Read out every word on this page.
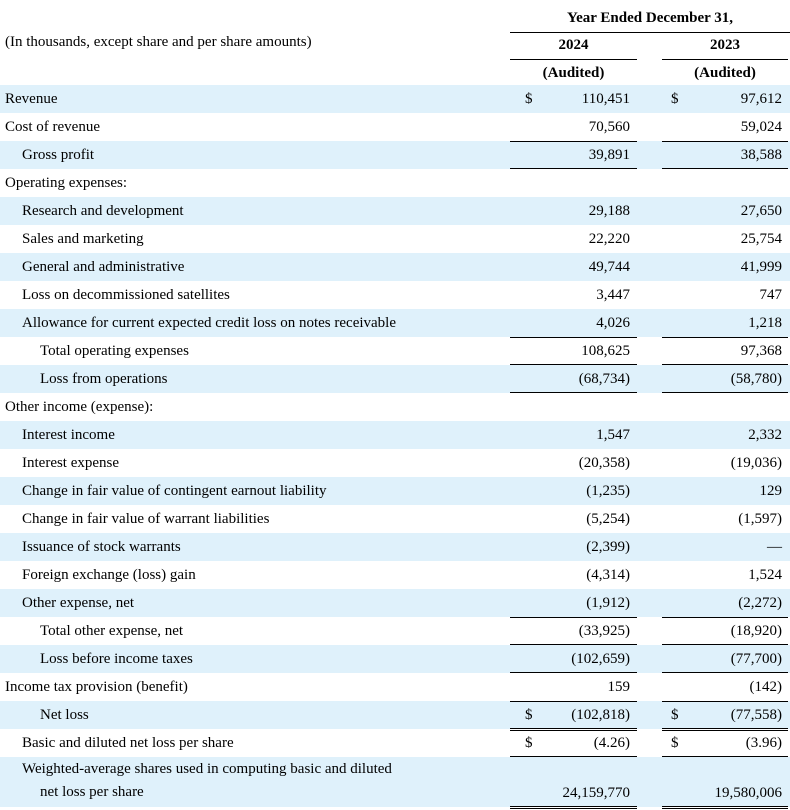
Year Ended December 31,
(In thousands, except share and per share amounts)	2024	2023
(Audited)	(Audited)
Revenue	$	110,451	$	97,612
Cost of revenue	70,560	59,024
Gross profit	39,891	38,588
Operating expenses:
Research and development	29,188	27,650
Sales and marketing	22,220	25,754
General and administrative	49,744	41,999
Loss on decommissioned satellites	3,447	747
Allowance for current expected credit loss on notes receivable	4,026	1,218
Total operating expenses	108,625	97,368
Loss from operations	(68,734)	(58,780)
Other income (expense):
Interest income	1,547	2,332
Interest expense	(20,358)	(19,036)
Change in fair value of contingent earnout liability	(1,235)	129
Change in fair value of warrant liabilities	(5,254)	(1,597)
Issuance of stock warrants	(2,399)	—
Foreign exchange (loss) gain	(4,314)	1,524
Other expense, net	(1,912)	(2,272)
Total other expense, net	(33,925)	(18,920)
Loss before income taxes	(102,659)	(77,700)
Income tax provision (benefit)	159	(142)
Net loss	$	(102,818)	$	(77,558)
Basic and diluted net loss per share	$	(4.26)	$	(3.96)
Weighted-average shares used in computing basic and diluted
net loss per share	24,159,770	19,580,006
